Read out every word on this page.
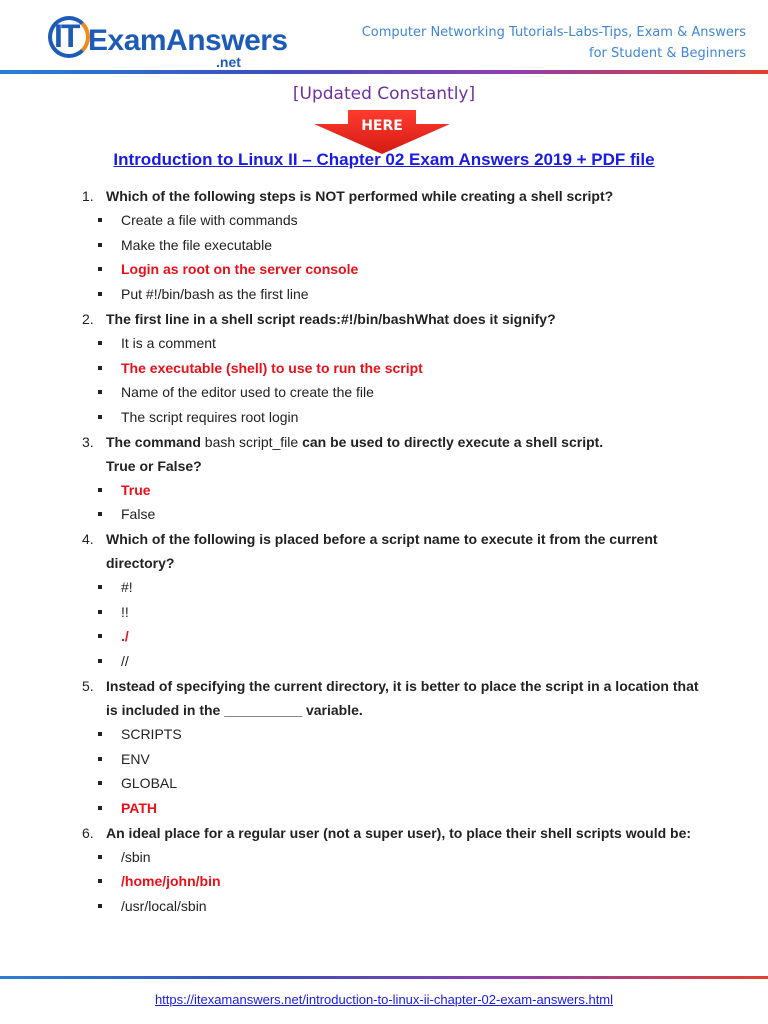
IT ExamAnswers
.net
Computer Networking Tutorials-Labs-Tips, Exam & Answers
for Student & Beginners
[Updated Constantly]
HERE
Introduction to Linux II – Chapter 02 Exam Answers 2019 + PDF file
1. Which of the following steps is NOT performed while creating a shell script?
Create a file with commands
Make the file executable
Login as root on the server console
Put #!/bin/bash as the first line
2. The first line in a shell script reads:#!/bin/bashWhat does it signify?
It is a comment
The executable (shell) to use to run the script
Name of the editor used to create the file
The script requires root login
3. The command bash script_file can be used to directly execute a shell script.
True or False?
True
False
4. Which of the following is placed before a script name to execute it from the current directory?
#!
!!
./
//
5. Instead of specifying the current directory, it is better to place the script in a location that is included in the __________ variable.
SCRIPTS
ENV
GLOBAL
PATH
6. An ideal place for a regular user (not a super user), to place their shell scripts would be:
/sbin
/home/john/bin
/usr/local/sbin
https://itexamanswers.net/introduction-to-linux-ii-chapter-02-exam-answers.html
